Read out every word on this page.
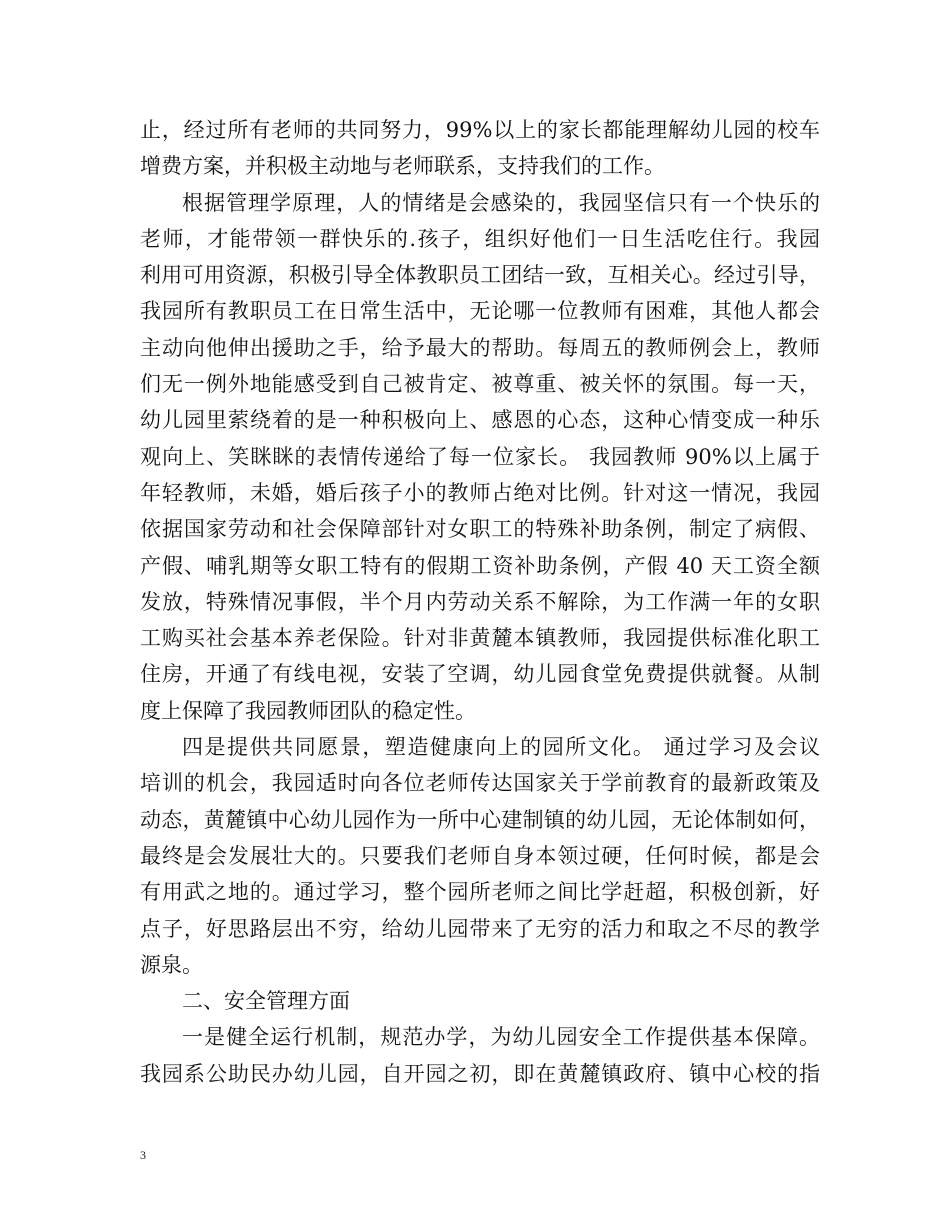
止，经过所有老师的共同努力，99%以上的家长都能理解幼儿园的校车
增费方案，并积极主动地与老师联系，支持我们的工作。
根据管理学原理，人的情绪是会感染的，我园坚信只有一个快乐的
老师，才能带领一群快乐的.孩子，组织好他们一日生活吃住行。我园
利用可用资源，积极引导全体教职员工团结一致，互相关心。经过引导，
我园所有教职员工在日常生活中，无论哪一位教师有困难，其他人都会
主动向他伸出援助之手，给予最大的帮助。每周五的教师例会上，教师
们无一例外地能感受到自己被肯定、被尊重、被关怀的氛围。每一天，
幼儿园里萦绕着的是一种积极向上、感恩的心态，这种心情变成一种乐
观向上、笑眯眯的表情传递给了每一位家长。 我园教师 90%以上属于
年轻教师，未婚，婚后孩子小的教师占绝对比例。针对这一情况，我园
依据国家劳动和社会保障部针对女职工的特殊补助条例，制定了病假、
产假、哺乳期等女职工特有的假期工资补助条例，产假 40 天工资全额
发放，特殊情况事假，半个月内劳动关系不解除，为工作满一年的女职
工购买社会基本养老保险。针对非黄麓本镇教师，我园提供标准化职工
住房，开通了有线电视，安装了空调，幼儿园食堂免费提供就餐。从制
度上保障了我园教师团队的稳定性。
四是提供共同愿景，塑造健康向上的园所文化。 通过学习及会议
培训的机会，我园适时向各位老师传达国家关于学前教育的最新政策及
动态，黄麓镇中心幼儿园作为一所中心建制镇的幼儿园，无论体制如何，
最终是会发展壮大的。只要我们老师自身本领过硬，任何时候，都是会
有用武之地的。通过学习，整个园所老师之间比学赶超，积极创新，好
点子，好思路层出不穷，给幼儿园带来了无穷的活力和取之不尽的教学
源泉。
二、安全管理方面
一是健全运行机制，规范办学，为幼儿园安全工作提供基本保障。
我园系公助民办幼儿园，自开园之初，即在黄麓镇政府、镇中心校的指
3
